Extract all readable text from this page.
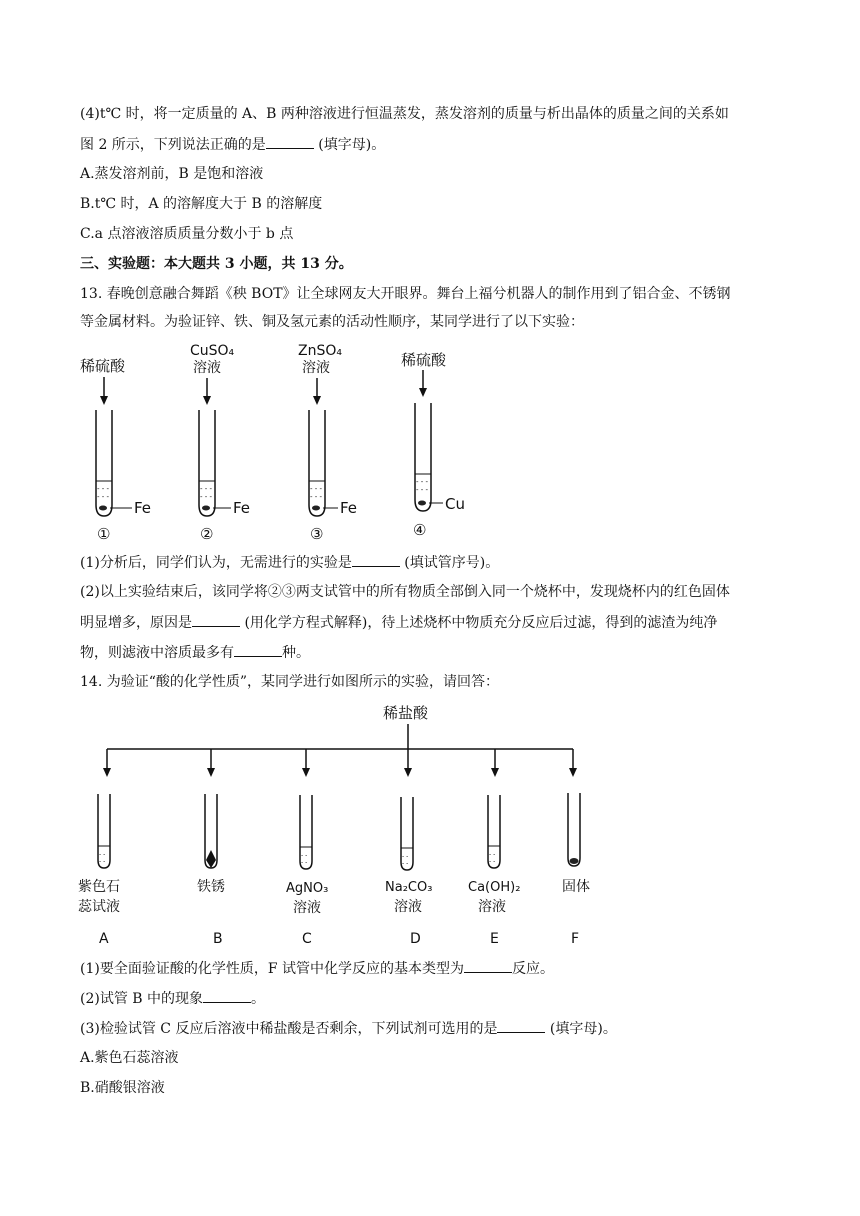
(4)t℃ 时，将一定质量的 A、B 两种溶液进行恒温蒸发，蒸发溶剂的质量与析出晶体的质量之间的关系如
图 2 所示，下列说法正确的是	(填字母)。
A.蒸发溶剂前，B 是饱和溶液
B.t℃ 时，A 的溶解度大于 B 的溶解度
C.a 点溶液溶质质量分数小于 b 点
三、实验题：本大题共 3 小题，共 13 分。
13. 春晚创意融合舞蹈《秧 BOT》让全球网友大开眼界。舞台上福兮机器人的制作用到了铝合金、不锈钢
等金属材料。为验证锌、铁、铜及氢元素的活动性顺序，某同学进行了以下实验：
稀硫酸
- - -
- - -
Fe
①
CuSO₄
溶液
- - -
- - -
Fe
②
ZnSO₄
溶液
- - -
- - -
Fe
③
稀硫酸
- - -
- - -
Cu
④
(1)分析后，同学们认为，无需进行的实验是	(填试管序号)。
(2)以上实验结束后，该同学将②③两支试管中的所有物质全部倒入同一个烧杯中，发现烧杯内的红色固体
明显增多，原因是	(用化学方程式解释)，待上述烧杯中物质充分反应后过滤，得到的滤渣为纯净
物，则滤液中溶质最多有	种。
14. 为验证“酸的化学性质”，某同学进行如图所示的实验，请回答：
稀盐酸
- -
- -
紫色石
蕊试液
A
铁锈
B
- -
- -
AgNO₃
溶液
C
- -
- -
Na₂CO₃
溶液
D
- -
- -
Ca(OH)₂
溶液
E
固体
F
(1)要全面验证酸的化学性质，F 试管中化学反应的基本类型为	反应。
(2)试管 B 中的现象	。
(3)检验试管 C 反应后溶液中稀盐酸是否剩余，下列试剂可选用的是	(填字母)。
A.紫色石蕊溶液
B.硝酸银溶液
